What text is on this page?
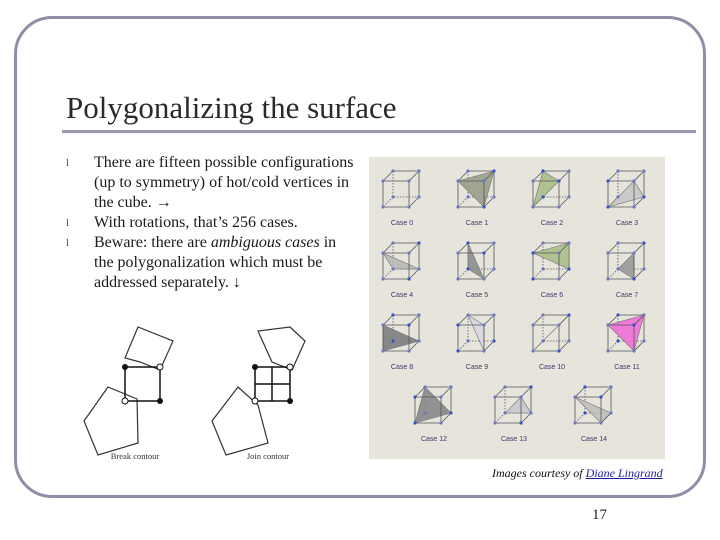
Polygonalizing the surface
l There are fifteen possible configurations (up to symmetry) of hot/cold vertices in the cube. →
l With rotations, that’s 256 cases.
l Beware: there are ambiguous cases in the polygonalization which must be addressed separately. ↓
Case 0	Case 1	Case 2	Case 3
Case 4	Case 5	Case 6	Case 7
Case 8	Case 9	Case 10	Case 11
Case 12	Case 13	Case 14
Break contour	Join contour
Images courtesy of Diane Lingrand
17
